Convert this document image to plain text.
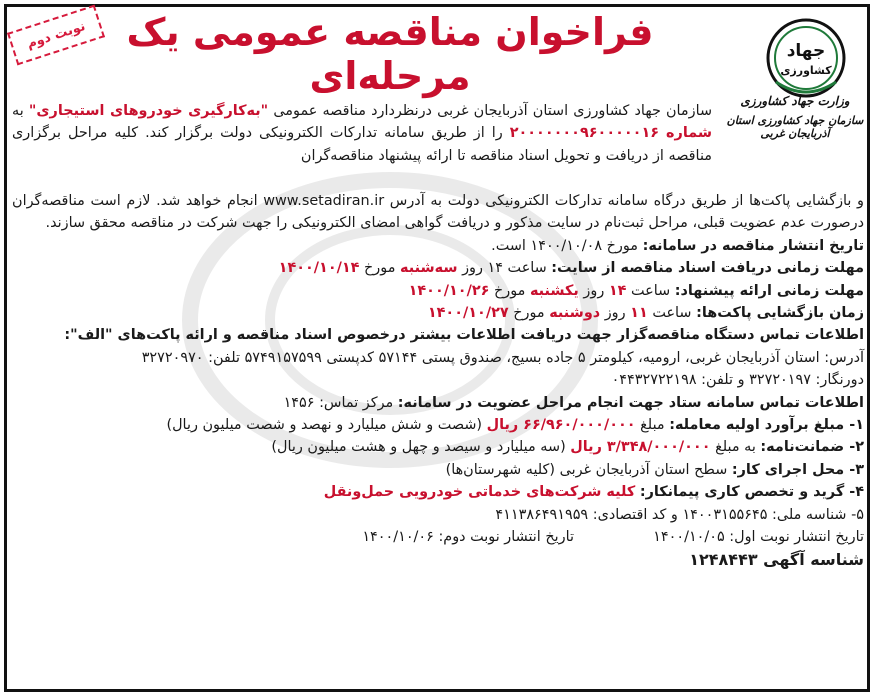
نوبت دوم	فراخوان مناقصه عمومی یک مرحله‌ای
جهاد
کشاورزی
وزارت جهاد کشاورزی
سازمان جهاد کشاورزی استان آذربایجان غربی
سازمان جهاد کشاورزی استان آذربایجان غربی درنظردارد مناقصه عمومی "به‌کارگیری خودروهای استیجاری" به شماره ۲۰۰۰۰۰۰۰۹۶۰۰۰۰۰۱۶ را از طریق سامانه تدارکات الکترونیکی دولت برگزار کند. کلیه مراحل برگزاری مناقصه از دریافت و تحویل اسناد مناقصه تا ارائه پیشنهاد مناقصه‌گران
و بازگشایی پاکت‌ها از طریق درگاه سامانه تدارکات الکترونیکی دولت به آدرس www.setadiran.ir انجام خواهد شد. لازم است مناقصه‌گران درصورت عدم عضویت قبلی، مراحل ثبت‌نام در سایت مذکور و دریافت گواهی امضای الکترونیکی را جهت شرکت در مناقصه محقق سازند.
تاریخ انتشار مناقصه در سامانه: مورخ ۱۴۰۰/۱۰/۰۸ است.
مهلت زمانی دریافت اسناد مناقصه از سایت: ساعت ۱۴ روز سه‌شنبه مورخ ۱۴۰۰/۱۰/۱۴
مهلت زمانی ارائه پیشنهاد: ساعت ۱۴ روز یکشنبه مورخ ۱۴۰۰/۱۰/۲۶
زمان بازگشایی پاکت‌ها: ساعت ۱۱ روز دوشنبه مورخ ۱۴۰۰/۱۰/۲۷
اطلاعات تماس دستگاه مناقصه‌گزار جهت دریافت اطلاعات بیشتر درخصوص اسناد مناقصه و ارائه پاکت‌های "الف":
آدرس: استان آذربایجان غربی، ارومیه، کیلومتر ۵ جاده بسیج، صندوق پستی ۵۷۱۴۴ کدپستی ۵۷۴۹۱۵۷۵۹۹ تلفن: ۳۲۷۲۰۹۷۰
دورنگار: ۳۲۷۲۰۱۹۷ و تلفن: ۰۴۴۳۲۷۲۲۱۹۸
اطلاعات تماس سامانه ستاد جهت انجام مراحل عضویت در سامانه: مرکز تماس: ۱۴۵۶
۱- مبلغ برآورد اولیه معامله: مبلغ ۶۶/۹۶۰/۰۰۰/۰۰۰ ریال (شصت و شش میلیارد و نهصد و شصت میلیون ریال)
۲- ضمانت‌نامه: به مبلغ ۳/۳۴۸/۰۰۰/۰۰۰ ریال (سه میلیارد و سیصد و چهل و هشت میلیون ریال)
۳- محل اجرای کار: سطح استان آذربایجان غربی (کلیه شهرستان‌ها)
۴- گرید و تخصص کاری پیمانکار: کلیه شرکت‌های خدماتی خودرویی حمل‌ونقل
۵- شناسه ملی: ۱۴۰۰۳۱۵۵۶۴۵ و کد اقتصادی: ۴۱۱۳۸۶۴۹۱۹۵۹
تاریخ انتشار نوبت اول: ۱۴۰۰/۱۰/۰۵  تاریخ انتشار نوبت دوم: ۱۴۰۰/۱۰/۰۶
شناسه آگهی ۱۲۴۸۴۴۳
